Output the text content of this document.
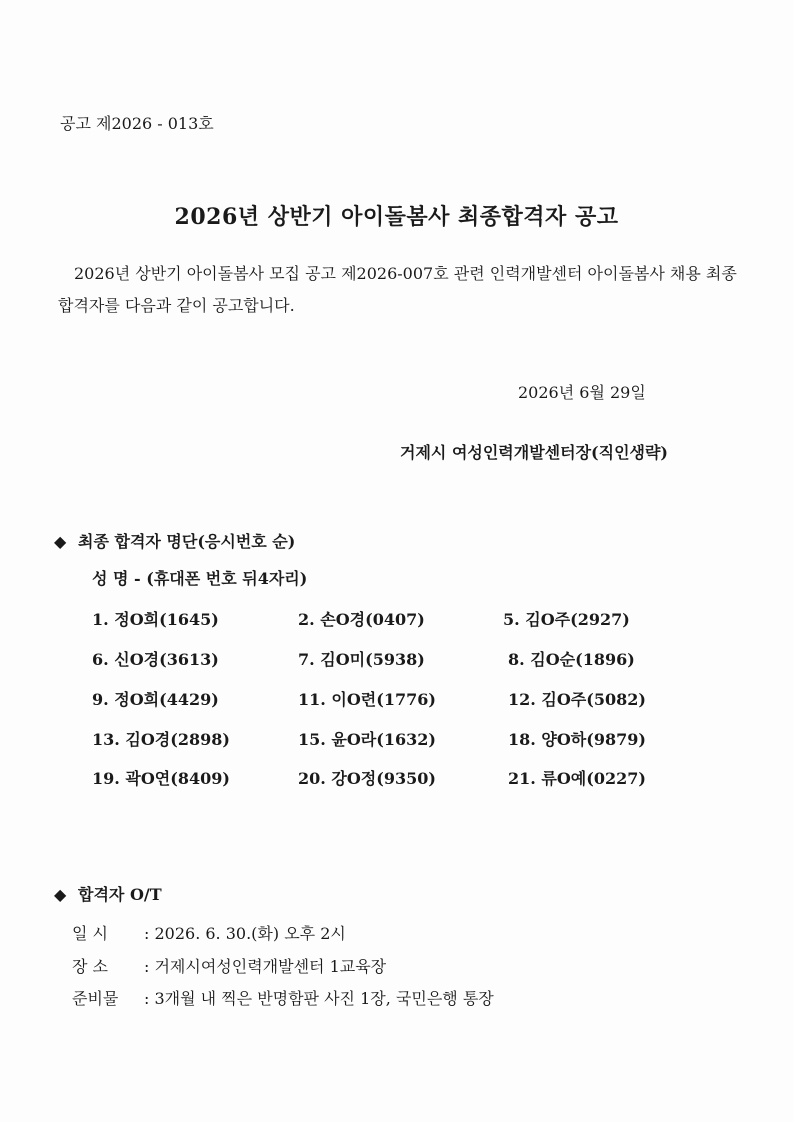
공고 제2026 - 013호
2026년 상반기 아이돌봄사 최종합격자 공고
2026년 상반기 아이돌봄사 모집 공고 제2026-007호 관련 인력개발센터 아이돌봄사 채용 최종 합격자를 다음과 같이 공고합니다.
2026년 6월 29일
거제시 여성인력개발센터장(직인생략)
◆ 최종 합격자 명단(응시번호 순)
성 명 - (휴대폰 번호 뒤4자리)
1. 정O희(1645)	2. 손O경(0407)	5. 김O주(2927)
6. 신O경(3613)	7. 김O미(5938)	8. 김O순(1896)
9. 정O희(4429)	11. 이O련(1776)	12. 김O주(5082)
13. 김O경(2898)	15. 윤O라(1632)	18. 양O하(9879)
19. 곽O연(8409)	20. 강O정(9350)	21. 류O예(0227)
◆ 합격자 O/T
일 시 : 2026. 6. 30.(화) 오후 2시
장 소 : 거제시여성인력개발센터 1교육장
준비물 : 3개월 내 찍은 반명함판 사진 1장, 국민은행 통장
